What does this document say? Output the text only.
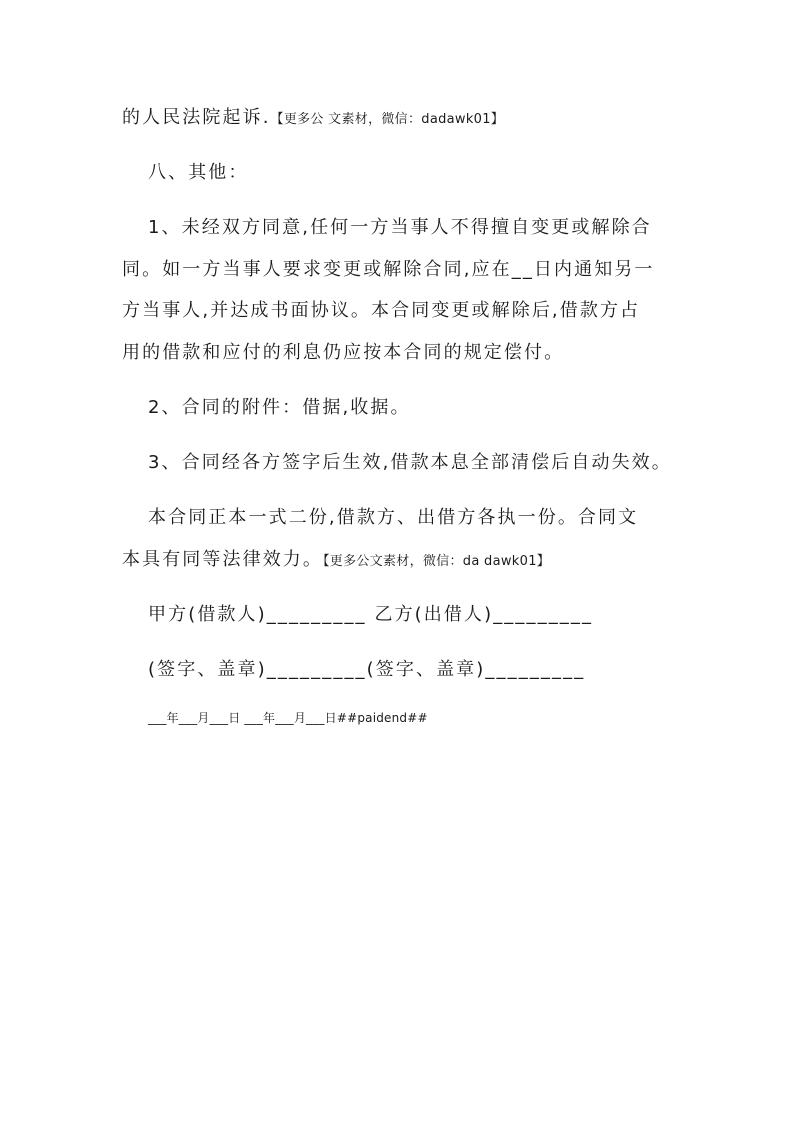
的人民法院起诉.【更多公 文素材，微信：dadawk01】
八、其他：
1、未经双方同意,任何一方当事人不得擅自变更或解除合
同。如一方当事人要求变更或解除合同,应在__日内通知另一
方当事人,并达成书面协议。本合同变更或解除后,借款方占
用的借款和应付的利息仍应按本合同的规定偿付。
2、合同的附件：借据,收据。
3、合同经各方签字后生效,借款本息全部清偿后自动失效。
本合同正本一式二份,借款方、出借方各执一份。合同文
本具有同等法律效力。【更多公文素材，微信：da dawk01】
甲方(借款人)_________ 乙方(出借人)_________
(签字、盖章)_________(签字、盖章)_________
___年___月___日 ___年___月___日##paidend##
